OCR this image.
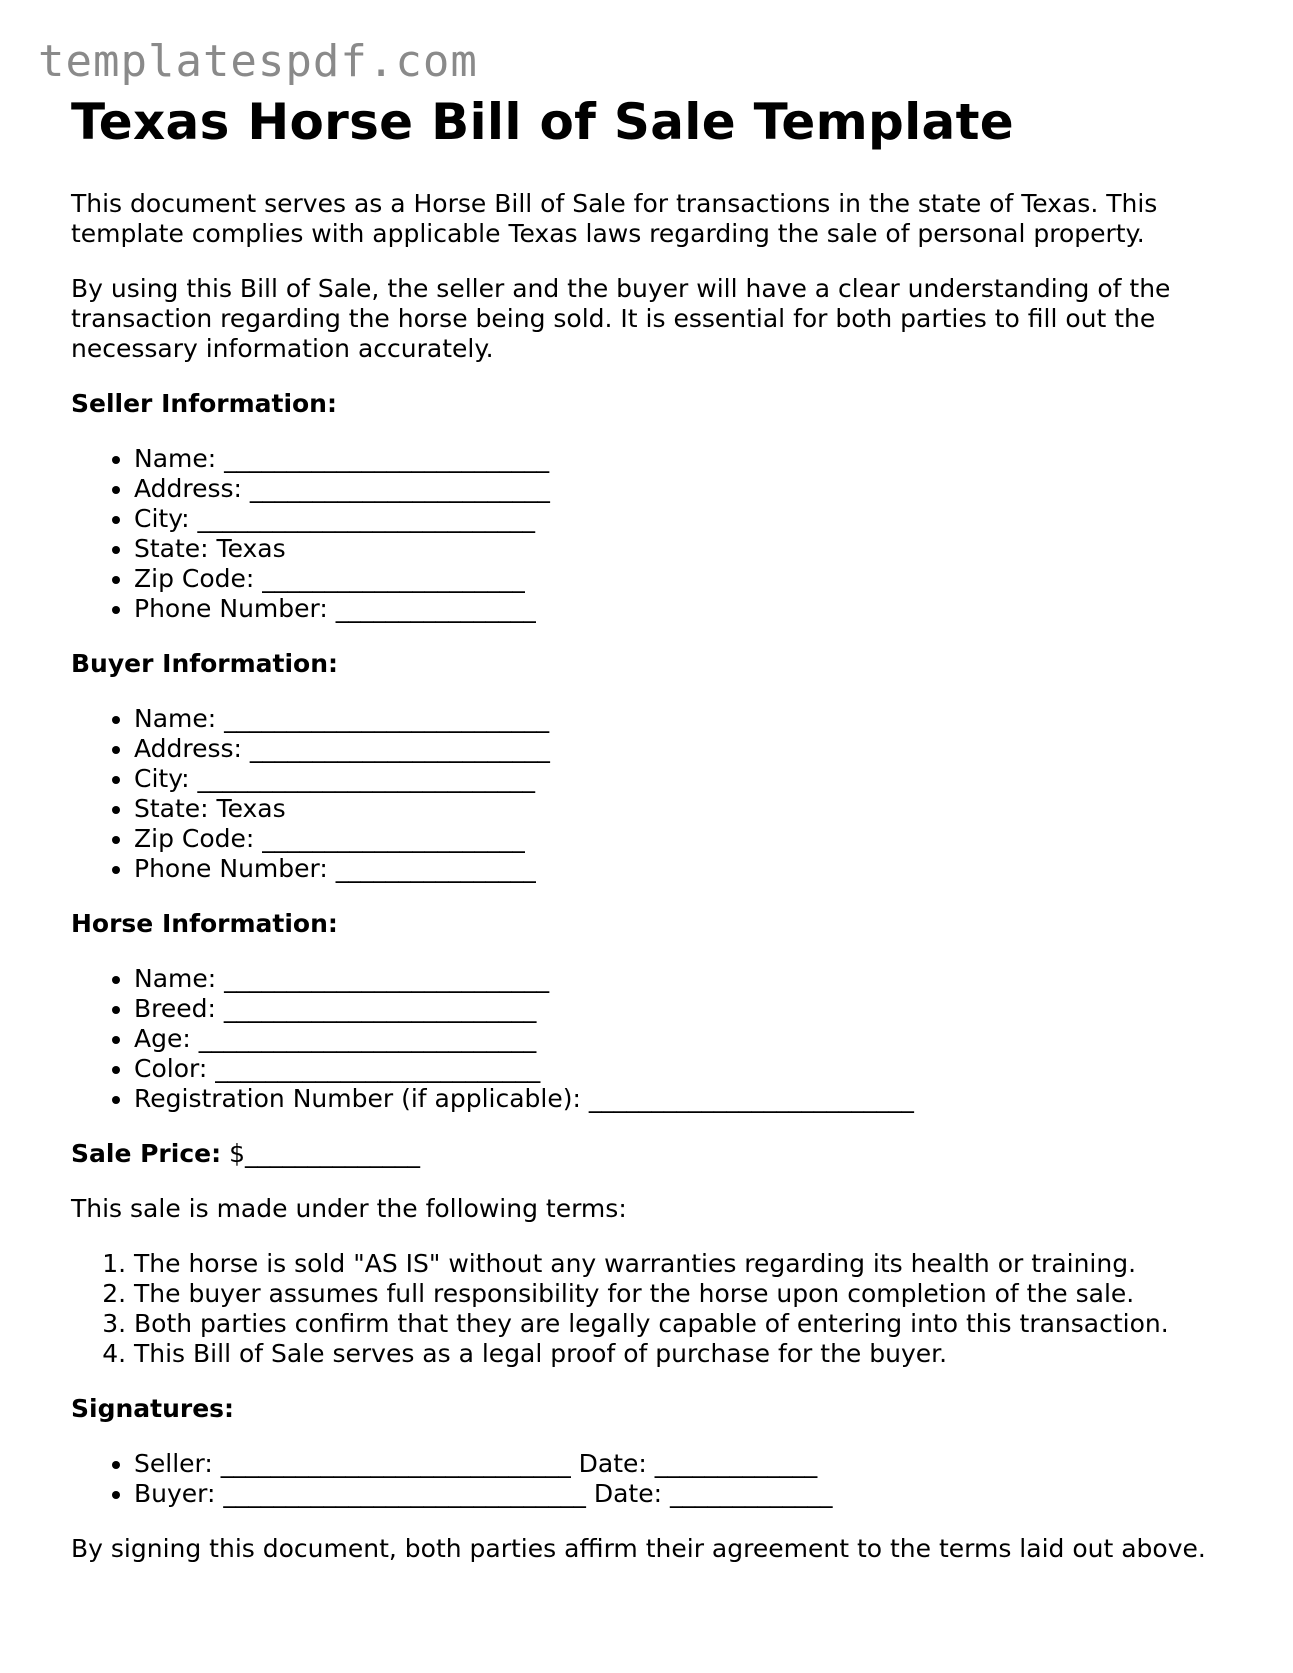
templatespdf.com
Texas Horse Bill of Sale Template

This document serves as a Horse Bill of Sale for transactions in the state of Texas. This template complies with applicable Texas laws regarding the sale of personal property.

By using this Bill of Sale, the seller and the buyer will have a clear understanding of the transaction regarding the horse being sold. It is essential for both parties to fill out the necessary information accurately.

Seller Information:

• Name: __________________________
• Address: ________________________
• City: ___________________________
• State: Texas
• Zip Code: _____________________
• Phone Number: ________________

Buyer Information:

• Name: __________________________
• Address: ________________________
• City: ___________________________
• State: Texas
• Zip Code: _____________________
• Phone Number: ________________

Horse Information:

• Name: __________________________
• Breed: _________________________
• Age: ___________________________
• Color: __________________________
• Registration Number (if applicable): __________________________

Sale Price: $______________

This sale is made under the following terms:

1. The horse is sold "AS IS" without any warranties regarding its health or training.
2. The buyer assumes full responsibility for the horse upon completion of the sale.
3. Both parties confirm that they are legally capable of entering into this transaction.
4. This Bill of Sale serves as a legal proof of purchase for the buyer.

Signatures:

• Seller: ____________________________ Date: _____________
• Buyer: _____________________________ Date: _____________

By signing this document, both parties affirm their agreement to the terms laid out above.
